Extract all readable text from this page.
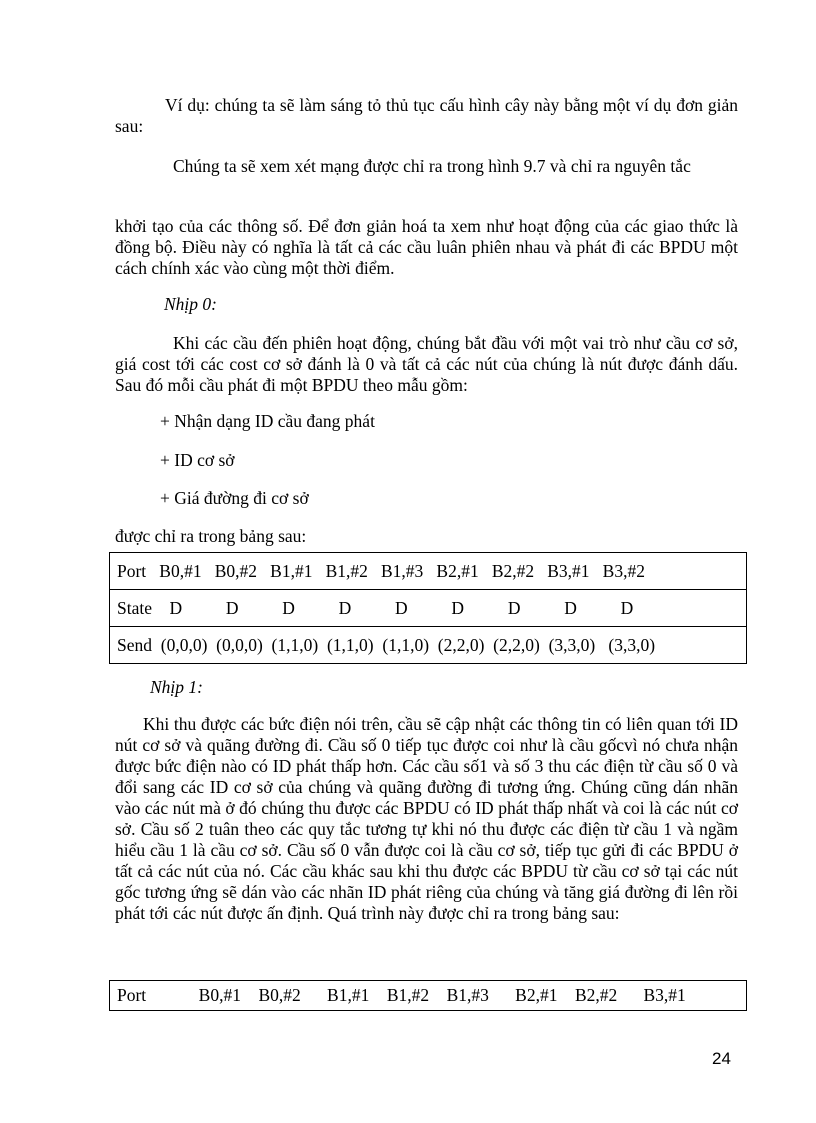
Ví dụ: chúng ta sẽ làm sáng tỏ thủ tục cấu hình cây này bằng một ví dụ đơn giản sau:

Chúng ta sẽ xem xét mạng được chỉ ra trong hình 9.7 và chỉ ra nguyên tắc

khởi tạo của các thông số. Để đơn giản hoá ta xem như hoạt động của các giao thức là đồng bộ. Điều này có nghĩa là tất cả các cầu luân phiên nhau và phát đi các BPDU một cách chính xác vào cùng một thời điểm.

Nhịp 0:

Khi các cầu đến phiên hoạt động, chúng bắt đầu với một vai trò như cầu cơ sở, giá cost tới các cost cơ sở đánh là 0 và tất cả các nút của chúng là nút được đánh dấu. Sau đó mỗi cầu phát đi một BPDU theo mẫu gồm:

+ Nhận dạng ID cầu đang phát

+ ID cơ sở

+ Giá đường đi cơ sở

được chỉ ra trong bảng sau:

Port   B0,#1   B0,#2   B1,#1   B1,#2   B1,#3   B2,#1   B2,#2   B3,#1   B3,#2
State    D          D          D          D          D          D          D          D          D
Send  (0,0,0)  (0,0,0)  (1,1,0)  (1,1,0)  (1,1,0)  (2,2,0)  (2,2,0)  (3,3,0)   (3,3,0)

Nhịp 1:

Khi thu được các bức điện nói trên, cầu sẽ cập nhật các thông tin có liên quan tới ID nút cơ sở và quãng đường đi. Cầu số 0 tiếp tục được coi như là cầu gốcvì nó chưa nhận được bức điện nào có ID phát thấp hơn. Các cầu số1 và số 3 thu các điện từ cầu số 0 và đổi sang các ID cơ sở của chúng và quãng đường đi tương ứng. Chúng cũng dán nhãn vào các nút mà ở đó chúng thu được các BPDU có ID phát thấp nhất và coi là các nút cơ sở. Cầu số 2 tuân theo các quy tắc tương tự khi nó thu được các điện từ cầu 1 và ngầm hiểu cầu 1 là cầu cơ sở. Cầu số 0 vẫn được coi là cầu cơ sở, tiếp tục gửi đi các BPDU ở tất cả các nút của nó. Các cầu khác sau khi thu được các BPDU từ cầu cơ sở tại các nút gốc tương ứng sẽ dán vào các nhãn ID phát riêng của chúng và tăng giá đường đi lên rồi phát tới các nút được ấn định. Quá trình này được chỉ ra trong bảng sau:

Port            B0,#1    B0,#2      B1,#1    B1,#2    B1,#3      B2,#1    B2,#2      B3,#1
24
